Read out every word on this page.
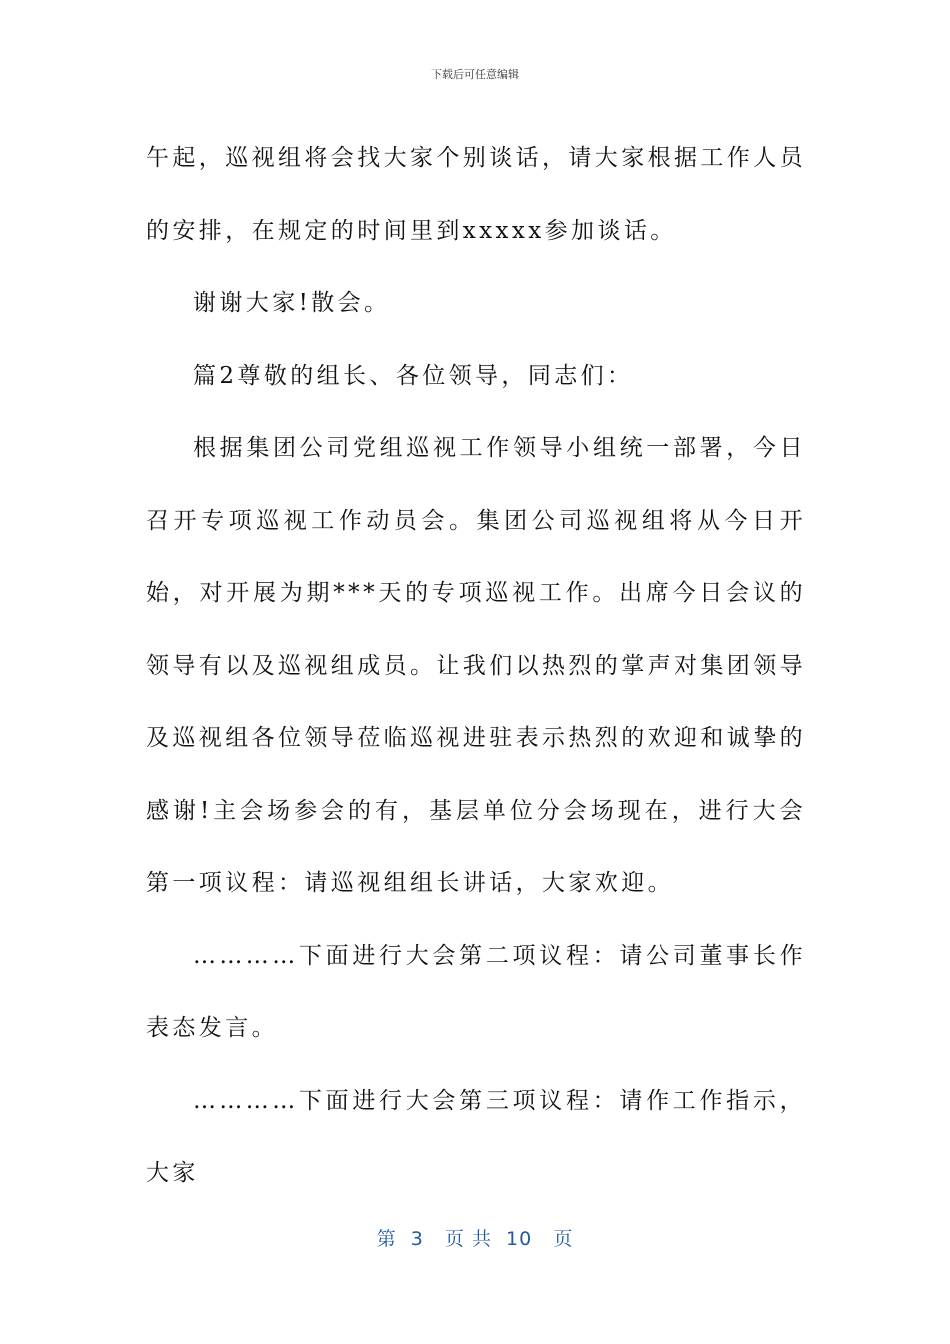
下载后可任意编辑

午起，巡视组将会找大家个别谈话，请大家根据工作人员的安排，在规定的时间里到xxxxx参加谈话。

谢谢大家!散会。

篇2尊敬的组长、各位领导，同志们：

根据集团公司党组巡视工作领导小组统一部署，今日召开专项巡视工作动员会。集团公司巡视组将从今日开始，对开展为期***天的专项巡视工作。出席今日会议的领导有以及巡视组成员。让我们以热烈的掌声对集团领导及巡视组各位领导莅临巡视进驻表示热烈的欢迎和诚挚的感谢!主会场参会的有，基层单位分会场现在，进行大会第一项议程：请巡视组组长讲话，大家欢迎。

…………下面进行大会第二项议程：请公司董事长作表态发言。

…………下面进行大会第三项议程：请作工作指示，大家

第  3   页 共  10   页
